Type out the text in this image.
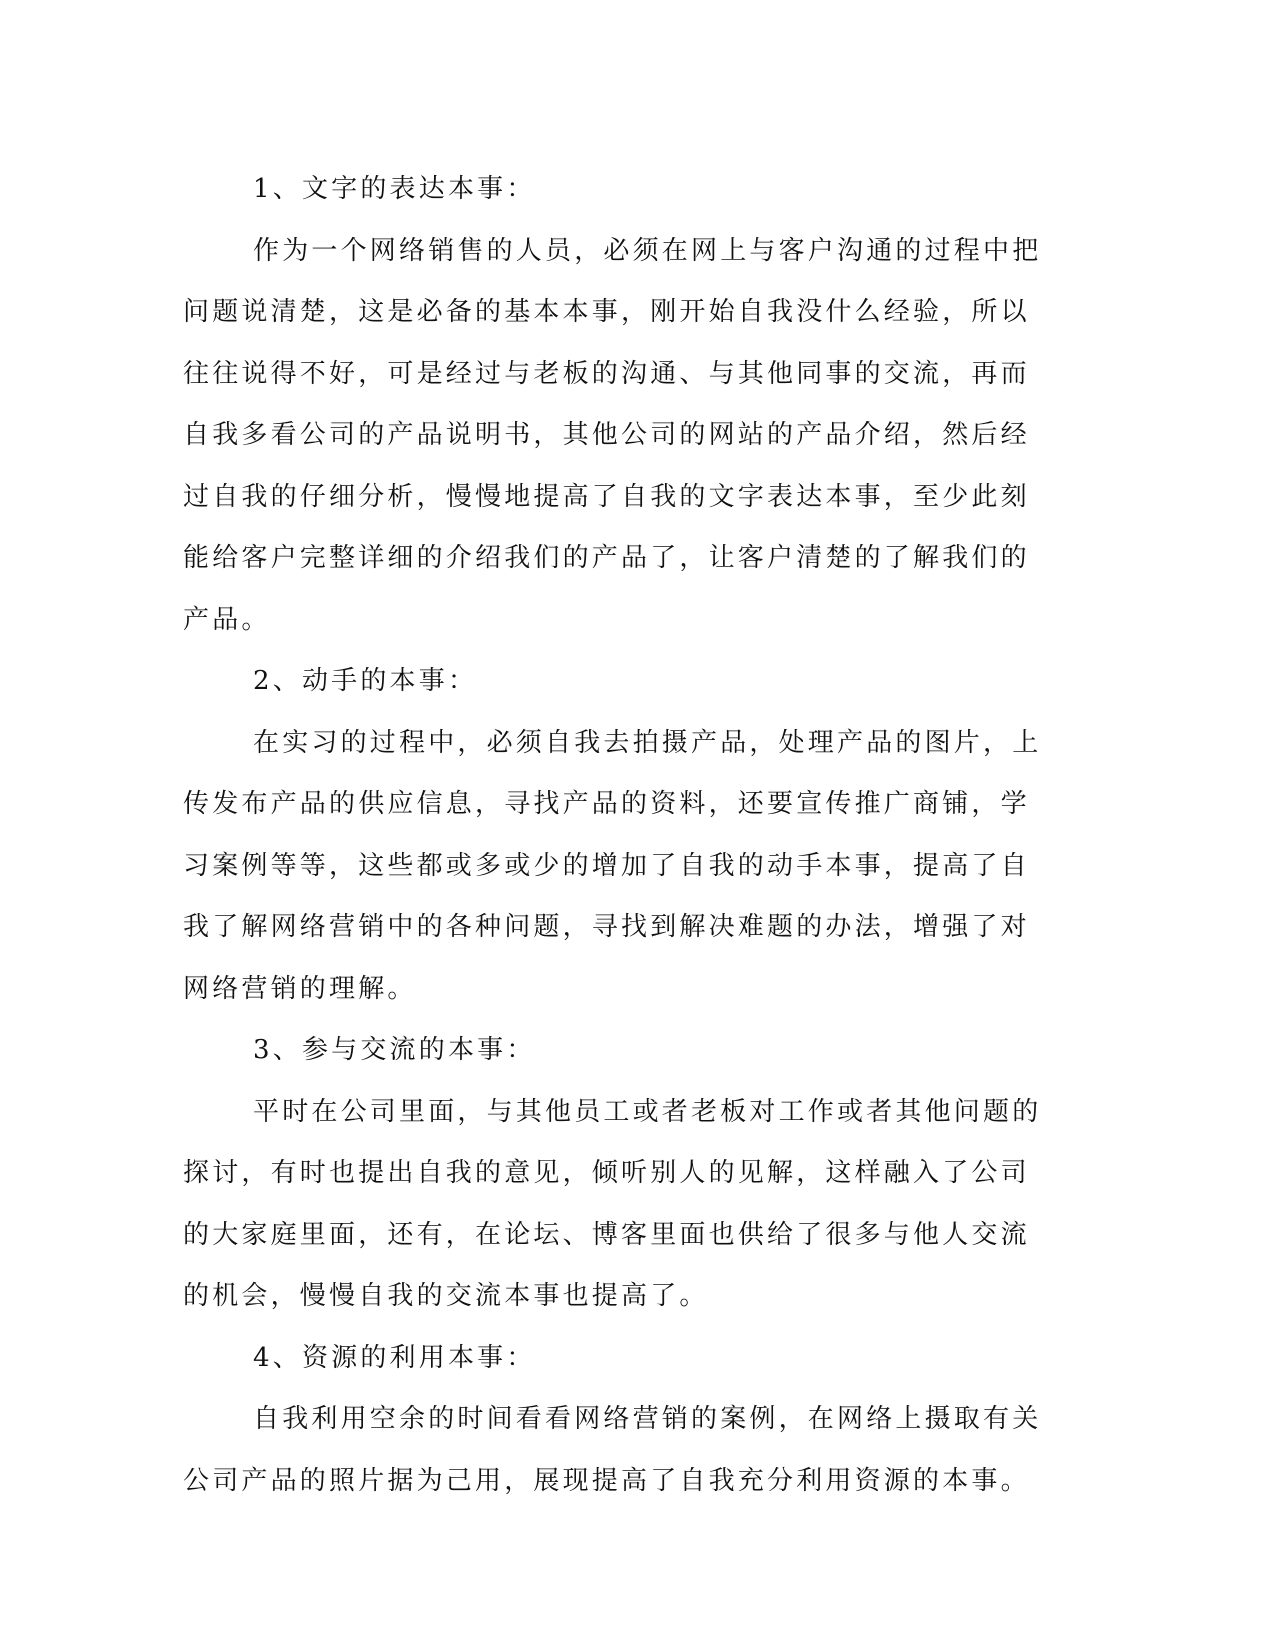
1、文字的表达本事：

作为一个网络销售的人员，必须在网上与客户沟通的过程中把问题说清楚，这是必备的基本本事，刚开始自我没什么经验，所以往往说得不好，可是经过与老板的沟通、与其他同事的交流，再而自我多看公司的产品说明书，其他公司的网站的产品介绍，然后经过自我的仔细分析，慢慢地提高了自我的文字表达本事，至少此刻能给客户完整详细的介绍我们的产品了，让客户清楚的了解我们的产品。

2、动手的本事：

在实习的过程中，必须自我去拍摄产品，处理产品的图片，上传发布产品的供应信息，寻找产品的资料，还要宣传推广商铺，学习案例等等，这些都或多或少的增加了自我的动手本事，提高了自我了解网络营销中的各种问题，寻找到解决难题的办法，增强了对网络营销的理解。

3、参与交流的本事：

平时在公司里面，与其他员工或者老板对工作或者其他问题的探讨，有时也提出自我的意见，倾听别人的见解，这样融入了公司的大家庭里面，还有，在论坛、博客里面也供给了很多与他人交流的机会，慢慢自我的交流本事也提高了。

4、资源的利用本事：

自我利用空余的时间看看网络营销的案例，在网络上摄取有关公司产品的照片据为己用，展现提高了自我充分利用资源的本事。
